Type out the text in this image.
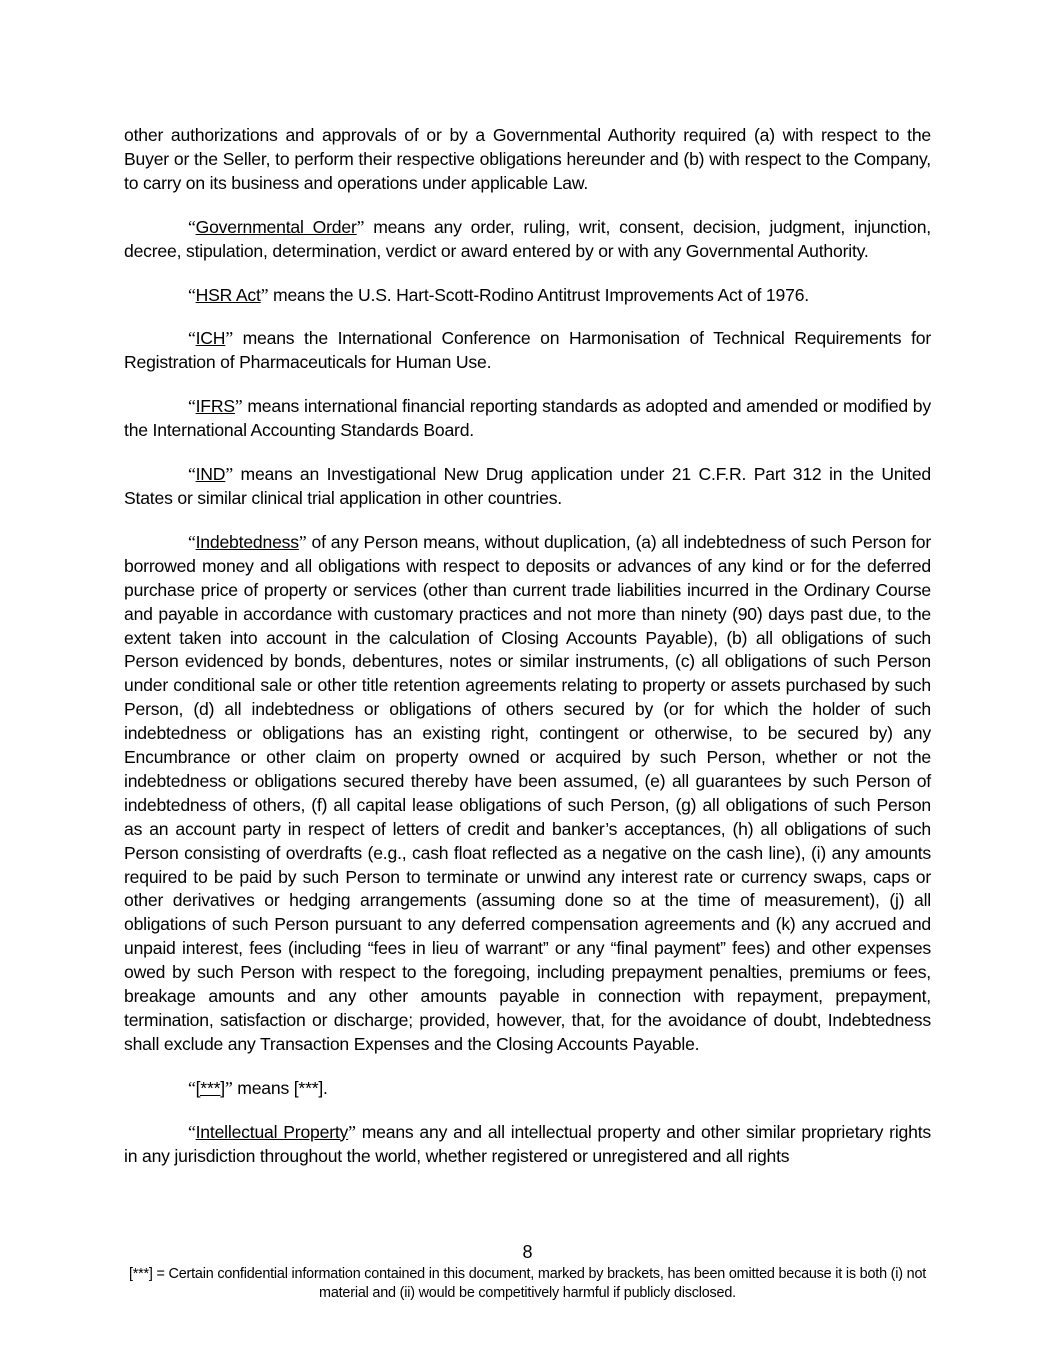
other authorizations and approvals of or by a Governmental Authority required (a) with respect to the Buyer or the Seller, to perform their respective obligations hereunder and (b) with respect to the Company, to carry on its business and operations under applicable Law.

“Governmental Order” means any order, ruling, writ, consent, decision, judgment, injunction, decree, stipulation, determination, verdict or award entered by or with any Governmental Authority.

“HSR Act” means the U.S. Hart-Scott-Rodino Antitrust Improvements Act of 1976.

“ICH” means the International Conference on Harmonisation of Technical Requirements for Registration of Pharmaceuticals for Human Use.

“IFRS” means international financial reporting standards as adopted and amended or modified by the International Accounting Standards Board.

“IND” means an Investigational New Drug application under 21 C.F.R. Part 312 in the United States or similar clinical trial application in other countries.

“Indebtedness” of any Person means, without duplication, (a) all indebtedness of such Person for borrowed money and all obligations with respect to deposits or advances of any kind or for the deferred purchase price of property or services (other than current trade liabilities incurred in the Ordinary Course and payable in accordance with customary practices and not more than ninety (90) days past due, to the extent taken into account in the calculation of Closing Accounts Payable), (b) all obligations of such Person evidenced by bonds, debentures, notes or similar instruments, (c) all obligations of such Person under conditional sale or other title retention agreements relating to property or assets purchased by such Person, (d) all indebtedness or obligations of others secured by (or for which the holder of such indebtedness or obligations has an existing right, contingent or otherwise, to be secured by) any Encumbrance or other claim on property owned or acquired by such Person, whether or not the indebtedness or obligations secured thereby have been assumed, (e) all guarantees by such Person of indebtedness of others, (f) all capital lease obligations of such Person, (g) all obligations of such Person as an account party in respect of letters of credit and banker’s acceptances, (h) all obligations of such Person consisting of overdrafts (e.g., cash float reflected as a negative on the cash line), (i) any amounts required to be paid by such Person to terminate or unwind any interest rate or currency swaps, caps or other derivatives or hedging arrangements (assuming done so at the time of measurement), (j) all obligations of such Person pursuant to any deferred compensation agreements and (k) any accrued and unpaid interest, fees (including “fees in lieu of warrant” or any “final payment” fees) and other expenses owed by such Person with respect to the foregoing, including prepayment penalties, premiums or fees, breakage amounts and any other amounts payable in connection with repayment, prepayment, termination, satisfaction or discharge; provided, however, that, for the avoidance of doubt, Indebtedness shall exclude any Transaction Expenses and the Closing Accounts Payable.

“[***]” means [***].

“Intellectual Property” means any and all intellectual property and other similar proprietary rights in any jurisdiction throughout the world, whether registered or unregistered and all rights

8
[***] = Certain confidential information contained in this document, marked by brackets, has been omitted because it is both (i) not material and (ii) would be competitively harmful if publicly disclosed.
